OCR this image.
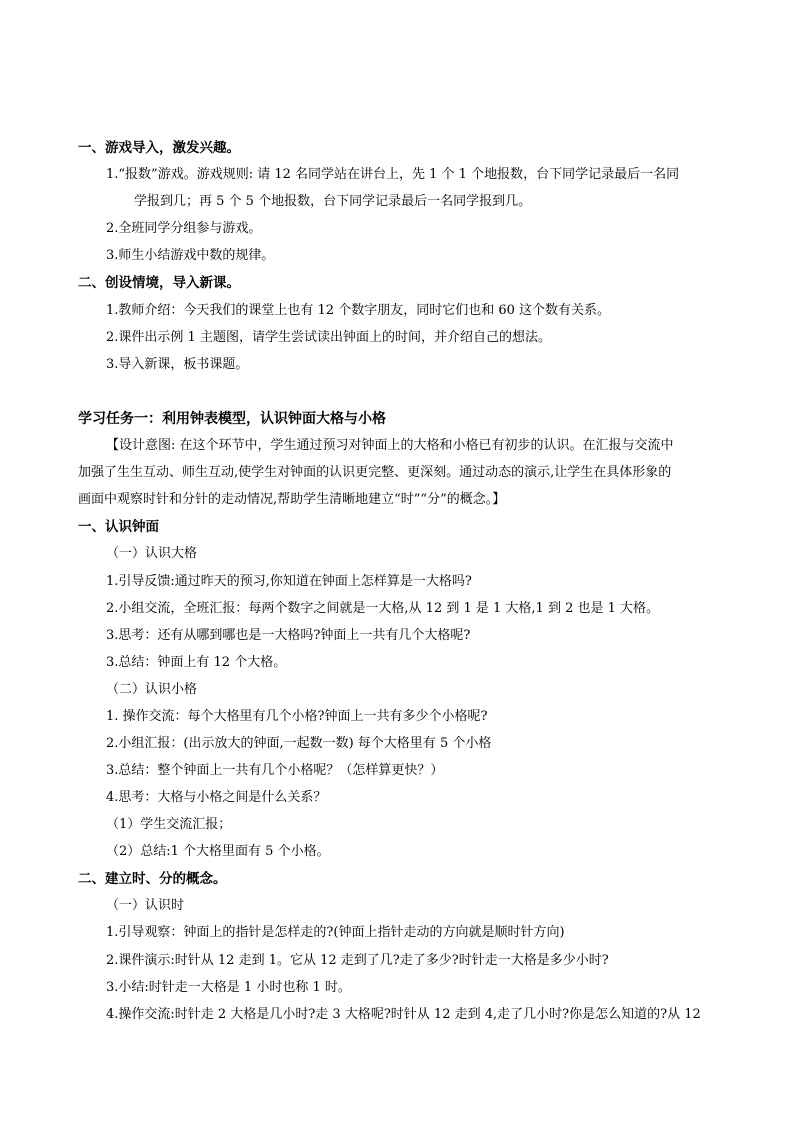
一、游戏导入，激发兴趣。
1.“报数”游戏。游戏规则: 请 12 名同学站在讲台上，先 1 个 1 个地报数，台下同学记录最后一名同
学报到几；再 5 个 5 个地报数，台下同学记录最后一名同学报到几。
2.全班同学分组参与游戏。
3.师生小结游戏中数的规律。
二、创设情境，导入新课。
1.教师介绍：今天我们的课堂上也有 12 个数字朋友，同时它们也和 60 这个数有关系。
2.课件出示例 1 主题图，请学生尝试读出钟面上的时间，并介绍自己的想法。
3.导入新课，板书课题。
学习任务一：利用钟表模型，认识钟面大格与小格
【设计意图: 在这个环节中，学生通过预习对钟面上的大格和小格已有初步的认识。在汇报与交流中
加强了生生互动、师生互动,使学生对钟面的认识更完整、更深刻。通过动态的演示,让学生在具体形象的
画面中观察时针和分针的走动情况,帮助学生清晰地建立“时”“分”的概念。】
一、认识钟面
（一）认识大格
1.引导反馈:通过昨天的预习,你知道在钟面上怎样算是一大格吗?
2.小组交流，全班汇报：每两个数字之间就是一大格,从 12 到 1 是 1 大格,1 到 2 也是 1 大格。
3.思考：还有从哪到哪也是一大格吗?钟面上一共有几个大格呢?
3.总结：钟面上有 12 个大格。
（二）认识小格
1. 操作交流：每个大格里有几个小格?钟面上一共有多少个小格呢?
2.小组汇报：(出示放大的钟面,一起数一数) 每个大格里有 5 个小格
3.总结：整个钟面上一共有几个小格呢？（怎样算更快？）
4.思考：大格与小格之间是什么关系？
（1）学生交流汇报；
（2）总结:1 个大格里面有 5 个小格。
二、建立时、分的概念。
（一）认识时
1.引导观察：钟面上的指针是怎样走的?(钟面上指针走动的方向就是顺时针方向)
2.课件演示:时针从 12 走到 1。它从 12 走到了几?走了多少?时针走一大格是多少小时?
3.小结:时针走一大格是 1 小时也称 1 时。
4.操作交流:时针走 2 大格是几小时?走 3 大格呢?时针从 12 走到 4,走了几小时?你是怎么知道的?从 12
